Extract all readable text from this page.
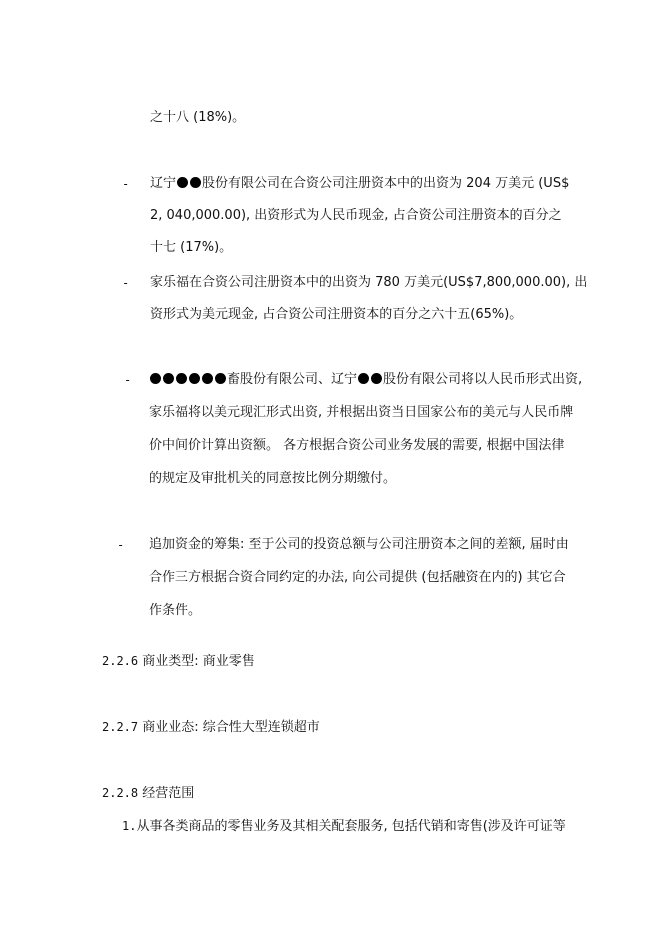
之十八 (18%)。
- 辽宁 股份有限公司在合资公司注册资本中的出资为 204 万美元 (US$
2, 040,000.00), 出资形式为人民币现金, 占合资公司注册资本的百分之
十七 (17%)。
- 家乐福在合资公司注册资本中的出资为 780 万美元(US$7,800,000.00), 出
资形式为美元现金, 占合资公司注册资本的百分之六十五(65%)。
-	畜股份有限公司、辽宁 股份有限公司将以人民币形式出资,
家乐福将以美元现汇形式出资, 并根据出资当日国家公布的美元与人民币牌
价中间价计算出资额。 各方根据合资公司业务发展的需要, 根据中国法律
的规定及审批机关的同意按比例分期缴付。
- 追加资金的筹集: 至于公司的投资总额与公司注册资本之间的差额, 届时由
合作三方根据合资合同约定的办法, 向公司提供 (包括融资在内的) 其它合
作条件。
2.2.6 商业类型: 商业零售
2.2.7 商业业态: 综合性大型连锁超市
2.2.8 经营范围
1.从事各类商品的零售业务及其相关配套服务, 包括代销和寄售(涉及许可证等
